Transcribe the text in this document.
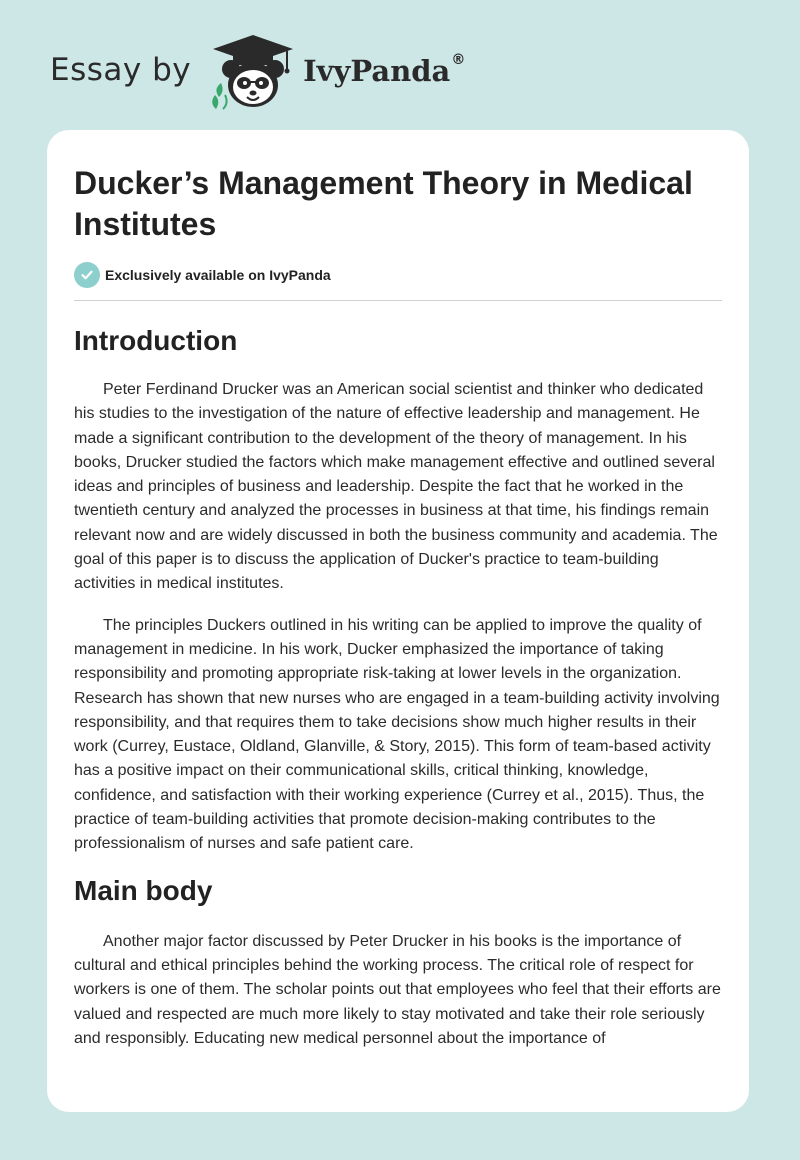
Essay by	IvyPanda ®
Ducker’s Management Theory in Medical Institutes
Exclusively available on IvyPanda
Introduction

Peter Ferdinand Drucker was an American social scientist and thinker who dedicated his studies to the investigation of the nature of effective leadership and management. He made a significant contribution to the development of the theory of management. In his books, Drucker studied the factors which make management effective and outlined several ideas and principles of business and leadership. Despite the fact that he worked in the twentieth century and analyzed the processes in business at that time, his findings remain relevant now and are widely discussed in both the business community and academia. The goal of this paper is to discuss the application of Ducker's practice to team-building activities in medical institutes.

The principles Duckers outlined in his writing can be applied to improve the quality of management in medicine. In his work, Ducker emphasized the importance of taking responsibility and promoting appropriate risk-taking at lower levels in the organization. Research has shown that new nurses who are engaged in a team-building activity involving responsibility, and that requires them to take decisions show much higher results in their work (Currey, Eustace, Oldland, Glanville, & Story, 2015). This form of team-based activity has a positive impact on their communicational skills, critical thinking, knowledge, confidence, and satisfaction with their working experience (Currey et al., 2015). Thus, the practice of team-building activities that promote decision-making contributes to the professionalism of nurses and safe patient care.

Main body

Another major factor discussed by Peter Drucker in his books is the importance of cultural and ethical principles behind the working process. The critical role of respect for workers is one of them. The scholar points out that employees who feel that their efforts are valued and respected are much more likely to stay motivated and take their role seriously and responsibly. Educating new medical personnel about the importance of
